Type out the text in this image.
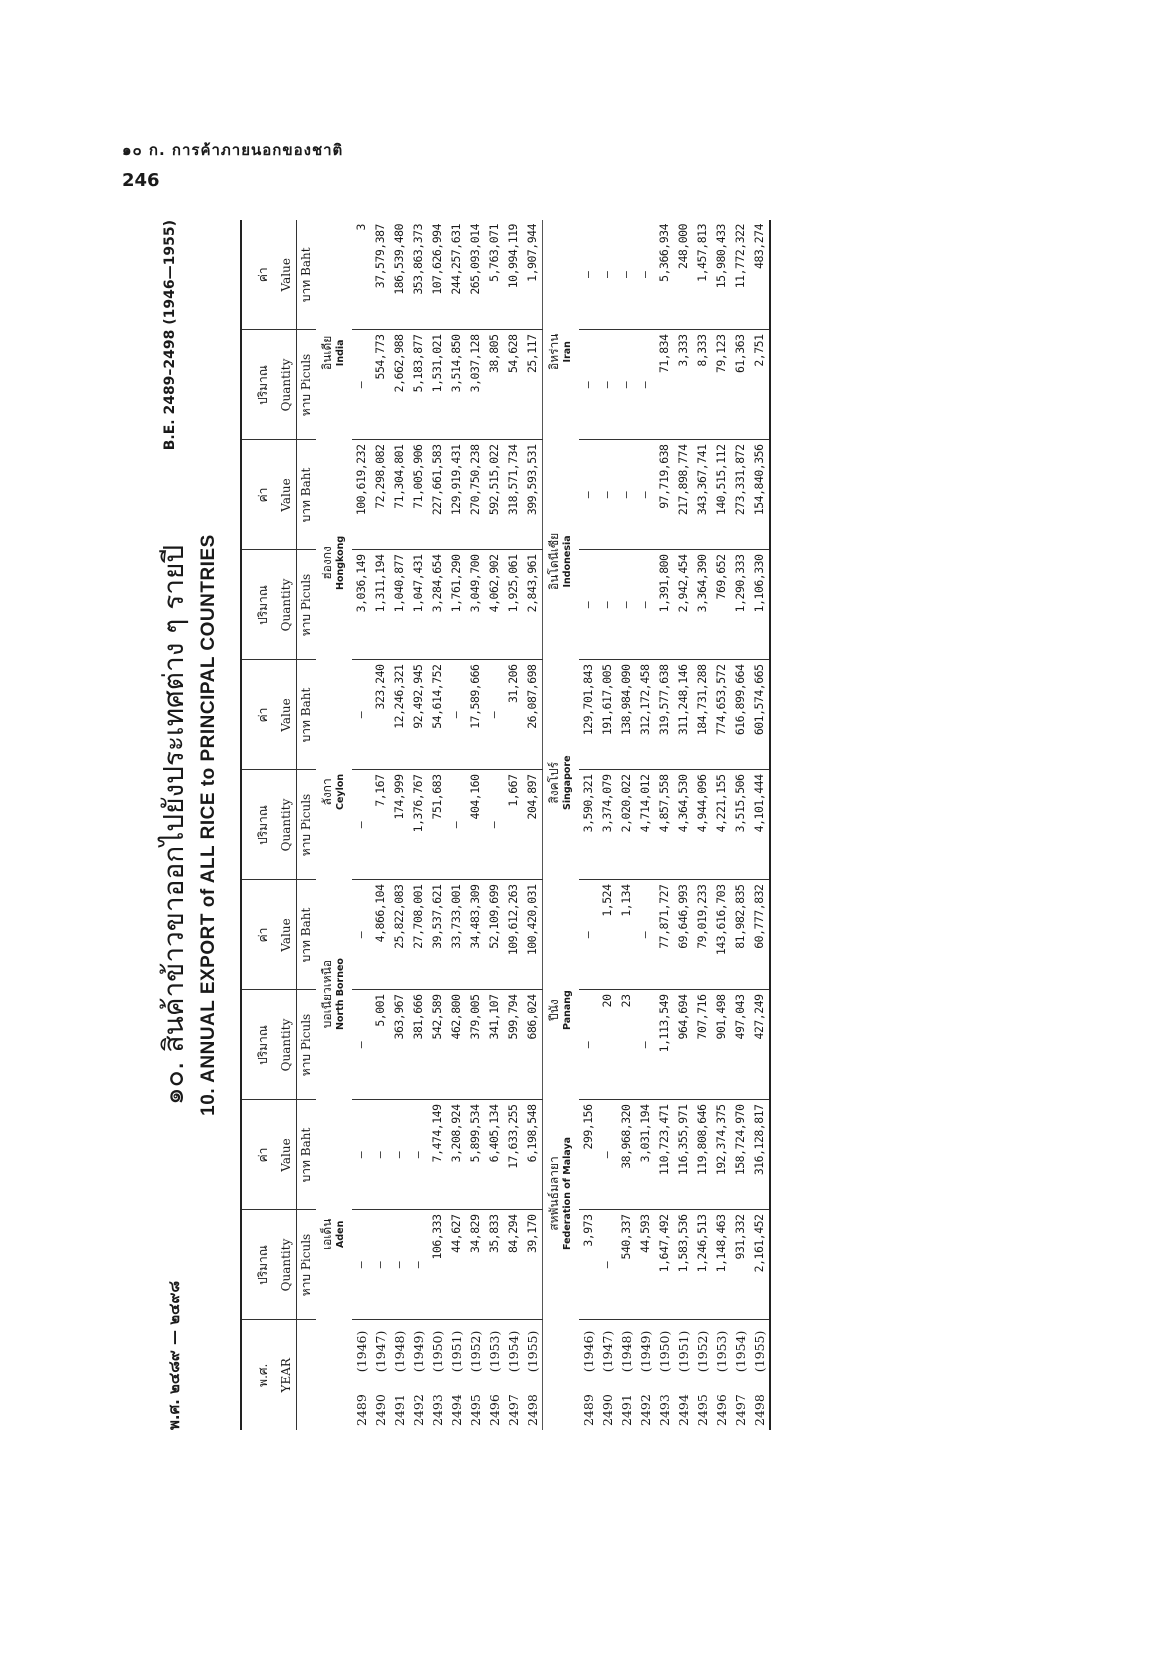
๑๐ ก. การค้าภายนอกของชาติ
246
พ.ศ. ๒๔๘๙ — ๒๔๙๘
๑๐. สินค้าข้าวขาออกไปยังประเทศต่าง ๆ รายปี 10. ANNUAL EXPORT of ALL RICE to PRINCIPAL COUNTRIES
B.E. 2489–2498 (1946—1955)
พ.ศ.	ปริมาณ	ค่า	ปริมาณ	ค่า	ปริมาณ	ค่า	ปริมาณ	ค่า	ปริมาณ	ค่า
YEAR	Quantity	Value	Quantity	Value	Quantity	Value	Quantity	Value	Quantity	Value
	หาบ Piculs	บาท Baht	หาบ Piculs	บาท Baht	หาบ Piculs	บาท Baht	หาบ Piculs	บาท Baht	หาบ Piculs	บาท Baht

	เอเด็น Aden		บอเนียวเหนือ North Borneo		ลังกา Ceylon		ฮ่องกง Hongkong		อินเดีย India	

2489(1946)	—	—	—	—	—	—	3,036,149	100,619,232	—	3
2490(1947)	—	—	5,001	4,866,104	7,167	323,240	1,311,194	72,298,082	554,773	37,579,387
2491(1948)	—	—	363,967	25,822,083	174,999	12,246,321	1,040,877	71,304,801	2,662,988	186,539,480
2492(1949)	—	—	381,666	27,708,001	1,376,767	92,492,945	1,047,431	71,005,906	5,183,877	353,863,373
2493(1950)	106,333	7,474,149	542,589	39,537,621	751,683	54,614,752	3,284,654	227,661,583	1,531,021	107,626,994
2494(1951)	44,627	3,208,924	462,800	33,733,001	—	—	1,761,290	129,919,431	3,514,850	244,257,631
2495(1952)	34,829	5,899,534	379,005	34,483,309	404,160	17,589,666	3,049,700	270,750,238	3,037,128	265,093,014
2496(1953)	35,833	6,405,134	341,107	52,109,699	—	—	4,062,902	592,515,022	38,805	5,763,071
2497(1954)	84,294	17,633,255	599,794	109,612,263	1,667	31,206	1,925,061	318,571,734	54,628	10,994,119
2498(1955)	39,170	6,198,548	686,024	100,420,031	204,897	26,087,698	2,843,961	399,593,531	25,117	1,907,944

	สหพันธ์มลายา Federation of Malaya		ปีนัง Panang		สิงคโปร์ Singapore		อินโดนีเซีย Indonesia		อิหร่าน Iran	

2489(1946)	3,973	299,156	—	—	3,590,321	129,701,843	—	—	—	—
2490(1947)	—	—	20	1,524	3,374,079	191,617,005	—	—	—	—
2491(1948)	540,337	38,968,320	23	1,134	2,020,022	138,984,090	—	—	—	—
2492(1949)	44,593	3,031,194	—	—	4,714,012	312,172,458	—	—	—	—
2493(1950)	1,647,492	110,723,471	1,113,549	77,871,727	4,857,558	319,577,638	1,391,800	97,719,638	71,834	5,366,934
2494(1951)	1,583,536	116,355,971	964,694	69,646,993	4,364,530	311,248,146	2,942,454	217,898,774	3,333	248,000
2495(1952)	1,246,513	119,808,646	707,716	79,019,233	4,944,096	184,731,288	3,364,390	343,367,741	8,333	1,457,813
2496(1953)	1,148,463	192,374,375	901,498	143,616,703	4,221,155	774,653,572	769,652	140,515,112	79,123	15,980,433
2497(1954)	931,332	158,724,970	497,043	81,982,835	3,515,506	616,899,664	1,290,333	273,331,872	61,363	11,772,322
2498(1955)	2,161,452	316,128,817	427,249	60,777,832	4,101,444	601,574,665	1,106,330	154,840,356	2,751	483,274
